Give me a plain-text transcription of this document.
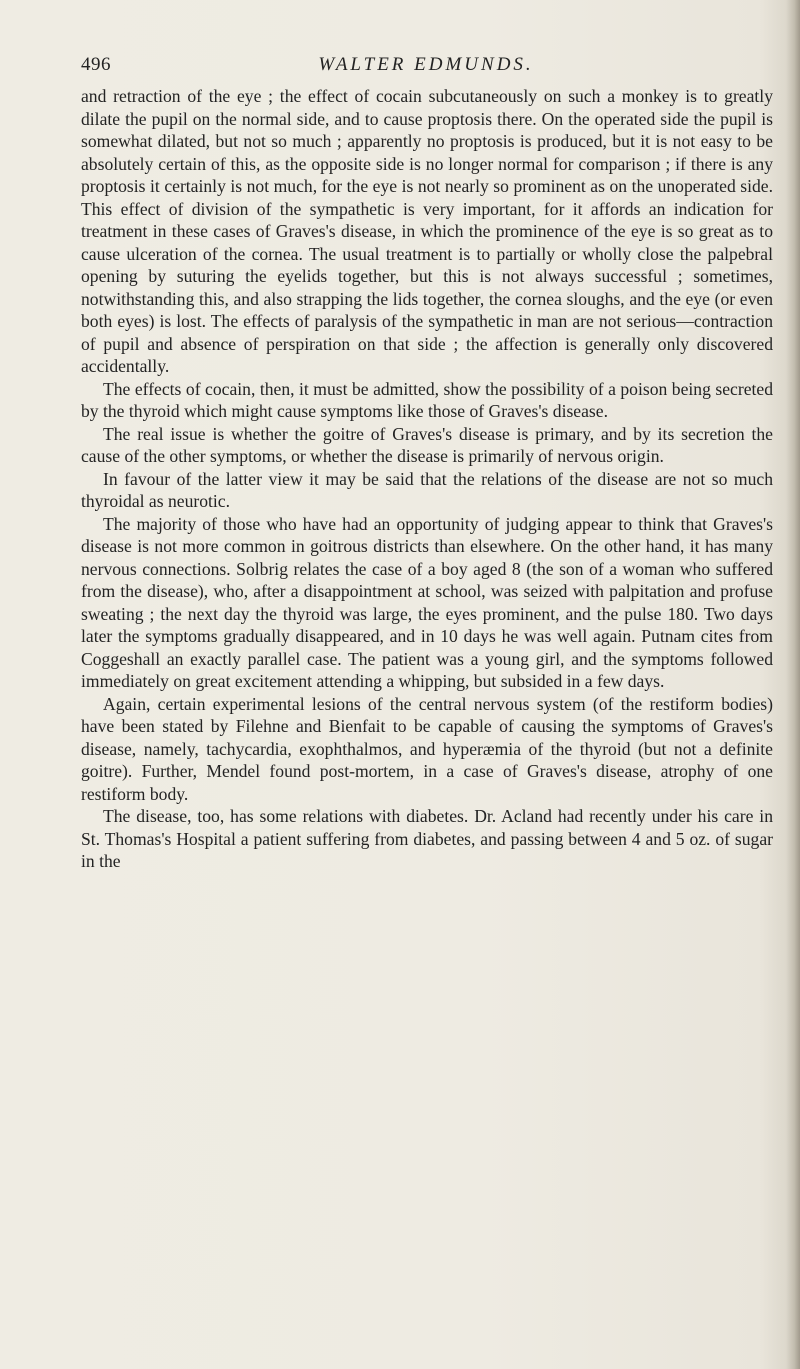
496	WALTER EDMUNDS.

and retraction of the eye ; the effect of cocain subcutaneously on such a monkey is to greatly dilate the pupil on the normal side, and to cause proptosis there. On the operated side the pupil is somewhat dilated, but not so much ; apparently no proptosis is produced, but it is not easy to be absolutely certain of this, as the opposite side is no longer normal for comparison ; if there is any proptosis it certainly is not much, for the eye is not nearly so prominent as on the unoperated side. This effect of division of the sympathetic is very important, for it affords an indication for treatment in these cases of Graves's disease, in which the prominence of the eye is so great as to cause ulceration of the cornea. The usual treatment is to partially or wholly close the palpebral opening by suturing the eyelids together, but this is not always successful ; sometimes, notwithstanding this, and also strapping the lids together, the cornea sloughs, and the eye (or even both eyes) is lost. The effects of paralysis of the sympathetic in man are not serious—contraction of pupil and absence of perspiration on that side ; the affection is generally only discovered accidentally.

The effects of cocain, then, it must be admitted, show the possibility of a poison being secreted by the thyroid which might cause symptoms like those of Graves's disease.

The real issue is whether the goitre of Graves's disease is primary, and by its secretion the cause of the other symptoms, or whether the disease is primarily of nervous origin.

In favour of the latter view it may be said that the relations of the disease are not so much thyroidal as neurotic.

The majority of those who have had an opportunity of judging appear to think that Graves's disease is not more common in goitrous districts than elsewhere. On the other hand, it has many nervous connections. Solbrig relates the case of a boy aged 8 (the son of a woman who suffered from the disease), who, after a disappointment at school, was seized with palpitation and profuse sweating ; the next day the thyroid was large, the eyes prominent, and the pulse 180. Two days later the symptoms gradually disappeared, and in 10 days he was well again. Putnam cites from Coggeshall an exactly parallel case. The patient was a young girl, and the symptoms followed immediately on great excitement attending a whipping, but subsided in a few days.

Again, certain experimental lesions of the central nervous system (of the restiform bodies) have been stated by Filehne and Bienfait to be capable of causing the symptoms of Graves's disease, namely, tachycardia, exophthalmos, and hyperæmia of the thyroid (but not a definite goitre). Further, Mendel found post-mortem, in a case of Graves's disease, atrophy of one restiform body.

The disease, too, has some relations with diabetes. Dr. Acland had recently under his care in St. Thomas's Hospital a patient suffering from diabetes, and passing between 4 and 5 oz. of sugar in the
